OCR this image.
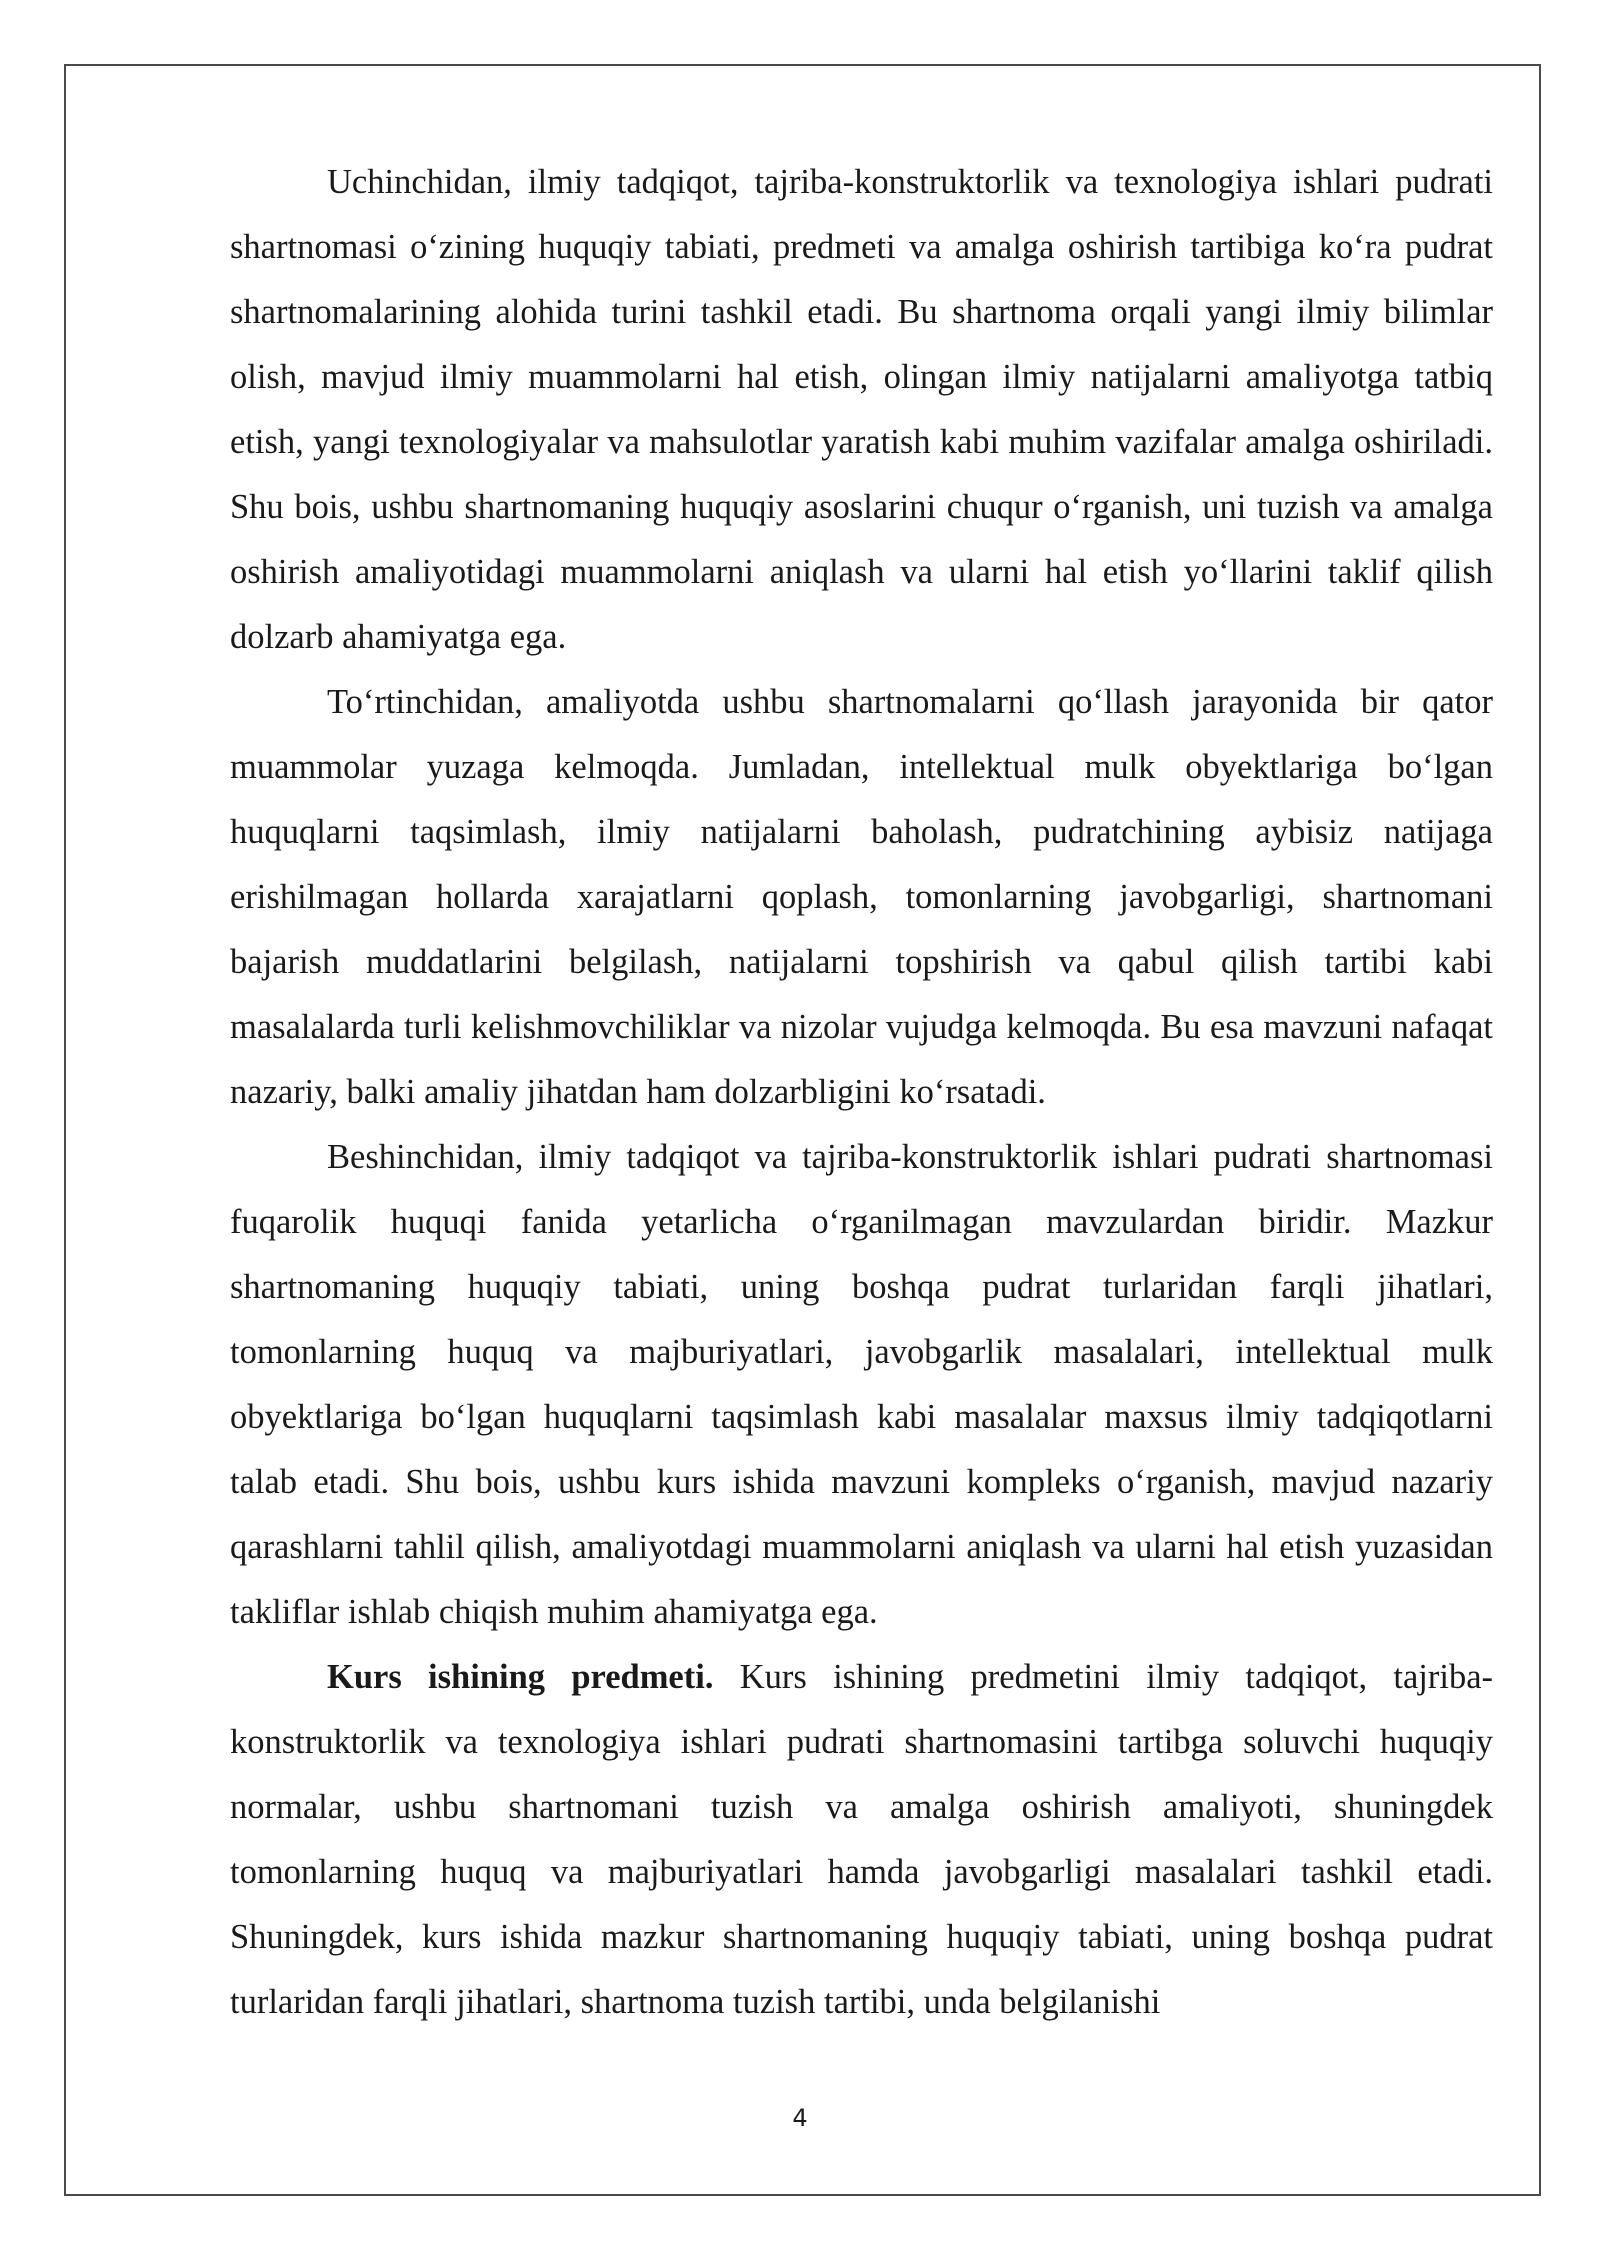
Uchinchidan, ilmiy tadqiqot, tajriba-konstruktorlik va texnologiya ishlari pudrati shartnomasi o‘zining huquqiy tabiati, predmeti va amalga oshirish tartibiga ko‘ra pudrat shartnomalarining alohida turini tashkil etadi. Bu shartnoma orqali yangi ilmiy bilimlar olish, mavjud ilmiy muammolarni hal etish, olingan ilmiy natijalarni amaliyotga tatbiq etish, yangi texnologiyalar va mahsulotlar yaratish kabi muhim vazifalar amalga oshiriladi. Shu bois, ushbu shartnomaning huquqiy asoslarini chuqur o‘rganish, uni tuzish va amalga oshirish amaliyotidagi muammolarni aniqlash va ularni hal etish yo‘llarini taklif qilish dolzarb ahamiyatga ega.

To‘rtinchidan, amaliyotda ushbu shartnomalarni qo‘llash jarayonida bir qator muammolar yuzaga kelmoqda. Jumladan, intellektual mulk obyektlariga bo‘lgan huquqlarni taqsimlash, ilmiy natijalarni baholash, pudratchining aybisiz natijaga erishilmagan hollarda xarajatlarni qoplash, tomonlarning javobgarligi, shartnomani bajarish muddatlarini belgilash, natijalarni topshirish va qabul qilish tartibi kabi masalalarda turli kelishmovchiliklar va nizolar vujudga kelmoqda. Bu esa mavzuni nafaqat nazariy, balki amaliy jihatdan ham dolzarbligini ko‘rsatadi.

Beshinchidan, ilmiy tadqiqot va tajriba-konstruktorlik ishlari pudrati shartnomasi fuqarolik huquqi fanida yetarlicha o‘rganilmagan mavzulardan biridir. Mazkur shartnomaning huquqiy tabiati, uning boshqa pudrat turlaridan farqli jihatlari, tomonlarning huquq va majburiyatlari, javobgarlik masalalari, intellektual mulk obyektlariga bo‘lgan huquqlarni taqsimlash kabi masalalar maxsus ilmiy tadqiqotlarni talab etadi. Shu bois, ushbu kurs ishida mavzuni kompleks o‘rganish, mavjud nazariy qarashlarni tahlil qilish, amaliyotdagi muammolarni aniqlash va ularni hal etish yuzasidan takliflar ishlab chiqish muhim ahamiyatga ega.

Kurs ishining predmeti. Kurs ishining predmetini ilmiy tadqiqot, tajriba-konstruktorlik va texnologiya ishlari pudrati shartnomasini tartibga soluvchi huquqiy normalar, ushbu shartnomani tuzish va amalga oshirish amaliyoti, shuningdek tomonlarning huquq va majburiyatlari hamda javobgarligi masalalari tashkil etadi. Shuningdek, kurs ishida mazkur shartnomaning huquqiy tabiati, uning boshqa pudrat turlaridan farqli jihatlari, shartnoma tuzish tartibi, unda belgilanishi

4
